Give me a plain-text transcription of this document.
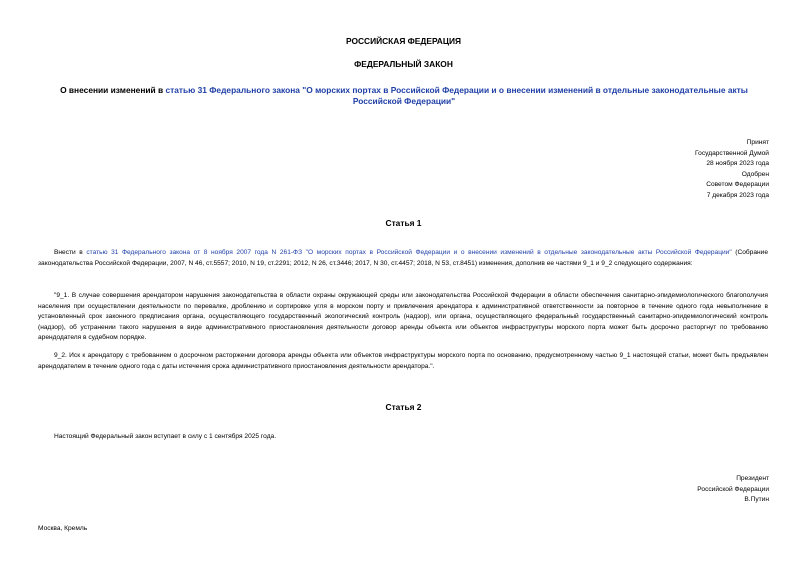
РОССИЙСКАЯ ФЕДЕРАЦИЯ
ФЕДЕРАЛЬНЫЙ ЗАКОН
О внесении изменений в статью 31 Федерального закона "О морских портах в Российской Федерации и о внесении изменений в отдельные законодательные акты Российской Федерации"
Принят
Государственной Думой
28 ноября 2023 года
Одобрен
Советом Федерации
7 декабря 2023 года
Статья 1
Внести в статью 31 Федерального закона от 8 ноября 2007 года N 261-ФЗ "О морских портах в Российской Федерации и о внесении изменений в отдельные законодательные акты Российской Федерации" (Собрание законодательства Российской Федерации, 2007, N 46, ст.5557; 2010, N 19, ст.2291; 2012, N 26, ст.3446; 2017, N 30, ст.4457; 2018, N 53, ст.8451) изменения, дополнив ее частями 9_1 и 9_2 следующего содержания:
"9_1. В случае совершения арендатором нарушения законодательства в области охраны окружающей среды или законодательства Российской Федерации в области обеспечения санитарно-эпидемиологического благополучия населения при осуществлении деятельности по перевалке, дроблению и сортировке угля в морском порту и привлечения арендатора к административной ответственности за повторное в течение одного года невыполнение в установленный срок законного предписания органа, осуществляющего государственный экологический контроль (надзор), или органа, осуществляющего федеральный государственный санитарно-эпидемиологический контроль (надзор), об устранении такого нарушения в виде административного приостановления деятельности договор аренды объекта или объектов инфраструктуры морского порта может быть досрочно расторгнут по требованию арендодателя в судебном порядке.
9_2. Иск к арендатору с требованием о досрочном расторжении договора аренды объекта или объектов инфраструктуры морского порта по основанию, предусмотренному частью 9_1 настоящей статьи, может быть предъявлен арендодателем в течение одного года с даты истечения срока административного приостановления деятельности арендатора.".
Статья 2
Настоящий Федеральный закон вступает в силу с 1 сентября 2025 года.
Президент
Российской Федерации
В.Путин
Москва, Кремль
